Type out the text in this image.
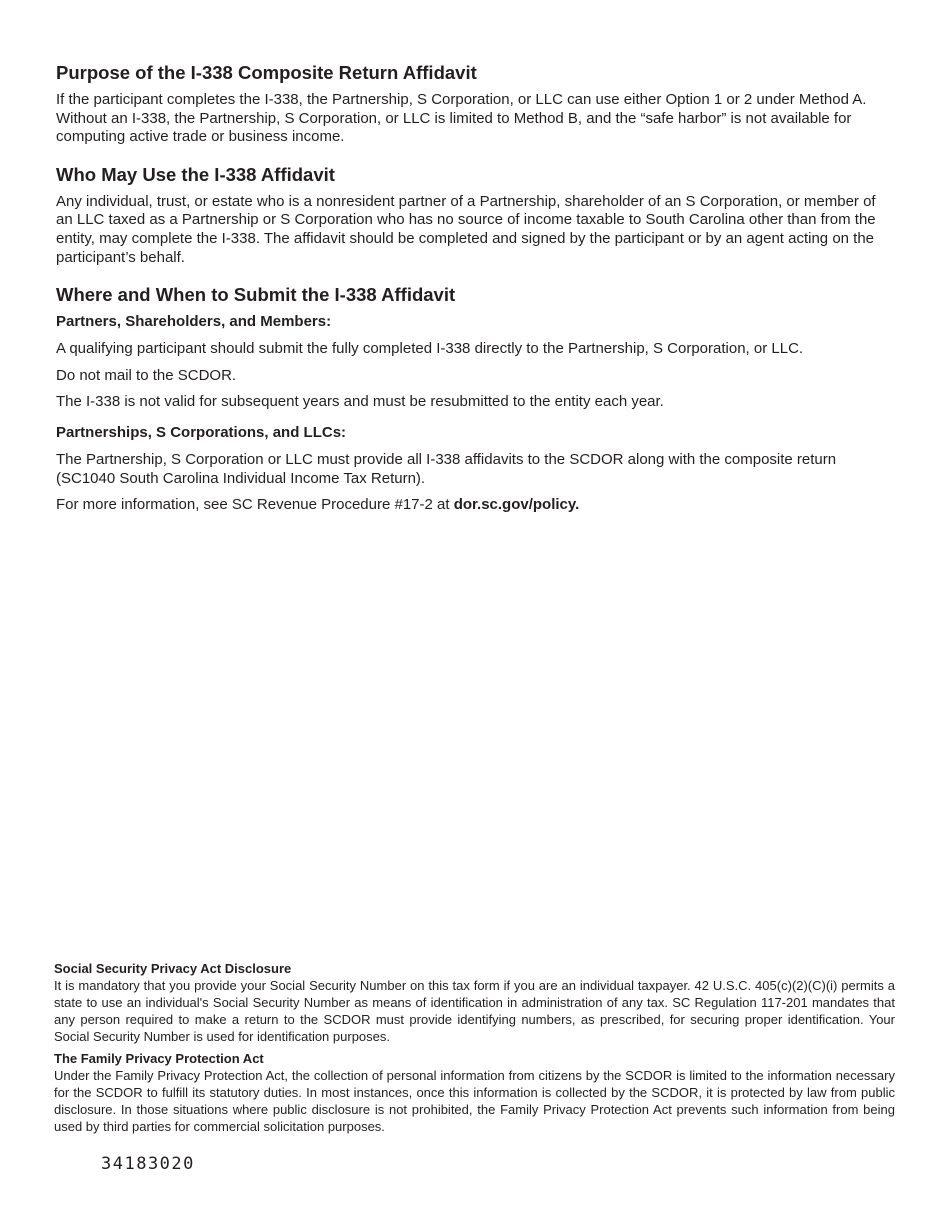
Purpose of the I-338 Composite Return Affidavit

If the participant completes the I-338, the Partnership, S Corporation, or LLC can use either Option 1 or 2 under Method A. Without an I-338, the Partnership, S Corporation, or LLC is limited to Method B, and the “safe harbor” is not available for computing active trade or business income.

Who May Use the I-338 Affidavit

Any individual, trust, or estate who is a nonresident partner of a Partnership, shareholder of an S Corporation, or member of an LLC taxed as a Partnership or S Corporation who has no source of income taxable to South Carolina other than from the entity, may complete the I-338. The affidavit should be completed and signed by the participant or by an agent acting on the participant’s behalf.

Where and When to Submit the I-338 Affidavit
Partners, Shareholders, and Members:

A qualifying participant should submit the fully completed I-338 directly to the Partnership, S Corporation, or LLC.

Do not mail to the SCDOR.

The I-338 is not valid for subsequent years and must be resubmitted to the entity each year.

Partnerships, S Corporations, and LLCs:

The Partnership, S Corporation or LLC must provide all I-338 affidavits to the SCDOR along with the composite return (SC1040 South Carolina Individual Income Tax Return).

For more information, see SC Revenue Procedure #17-2 at dor.sc.gov/policy.

Social Security Privacy Act Disclosure

It is mandatory that you provide your Social Security Number on this tax form if you are an individual taxpayer. 42 U.S.C. 405(c)(2)(C)(i) permits a state to use an individual's Social Security Number as means of identification in administration of any tax. SC Regulation 117-201 mandates that any person required to make a return to the SCDOR must provide identifying numbers, as prescribed, for securing proper identification. Your Social Security Number is used for identification purposes.

The Family Privacy Protection Act

Under the Family Privacy Protection Act, the collection of personal information from citizens by the SCDOR is limited to the information necessary for the SCDOR to fulfill its statutory duties. In most instances, once this information is collected by the SCDOR, it is protected by law from public disclosure. In those situations where public disclosure is not prohibited, the Family Privacy Protection Act prevents such information from being used by third parties for commercial solicitation purposes.

34183020
